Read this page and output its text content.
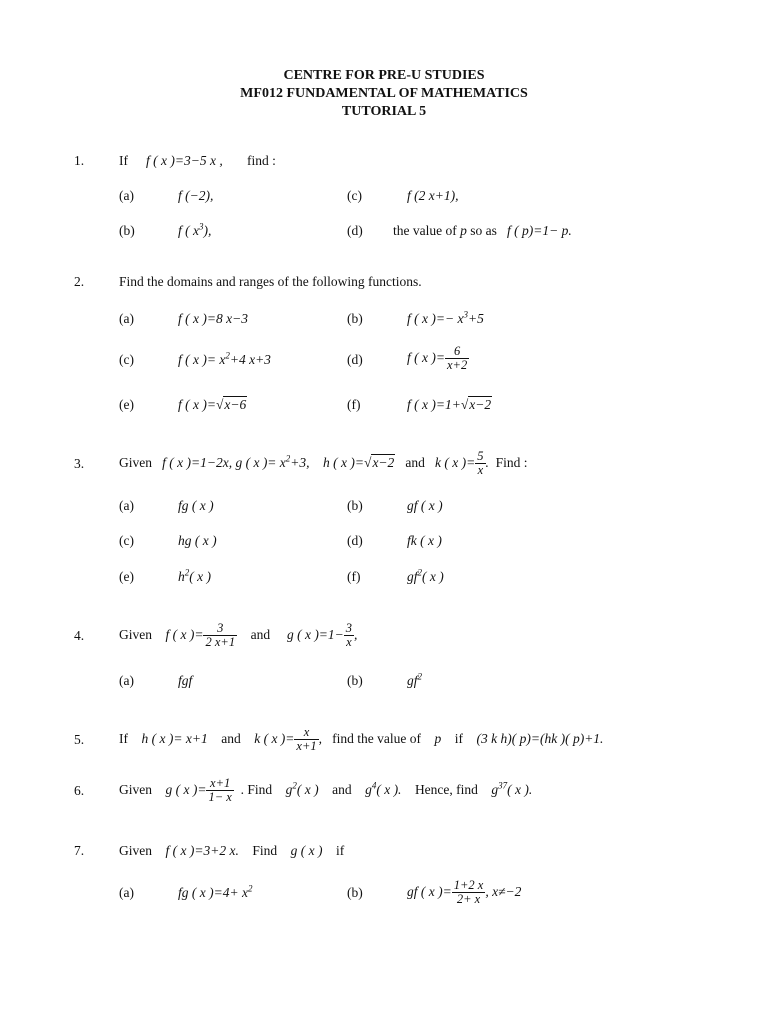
CENTRE FOR PRE-U STUDIES
MF012 FUNDAMENTAL OF MATHEMATICS
TUTORIAL 5
1.	If f ( x )=3−5 x , find :
(a)	f (−2),	(c)	f (2 x+1),
(b)	f ( $x^3$),	(d) the value of p so as f ( p)=1− p.
2.	Find the domains and ranges of the following functions.
(a)	f ( x )=8 x−3	(b)	f ( x )=− $x^3+5$
(c)	f ( x )= $x^2+4$ x+3	(d)	f ( x )= $\frac{6}{x+2}$
(e)	f ( x )=√x−6	(f)	f ( x )=1+√x−2
3.	Given f ( x )=1−2x, g ( x )= $x^2+3$, h ( x )=√x−2 and k ( x )= $\frac{5}{x}$ . Find :
(a)	fg ( x )	(b)	gf ( x )
(c)	hg ( x )	(d)	fk ( x )
(e)	$h^2$( x )	(f)	$gf^2$( x )
4.	Given f ( x )= $\frac{3}{2 x+1}$ and g ( x )$=1- \frac{3}{x}$ ,
(a)	fgf	(b)	$gf^2$
5.	If h ( x )= x+1 and k ( x )= $\frac{x}{x+1}$ , find the value of p if (3 k h)( p)=(hk )( p)+1.
6.	Given g ( x )= $\frac{x+1}{1- x}$ . Find $g^2$( x ) and $g^4$( x ). Hence, find $g^{37}$( x ).
7.	Given f ( x )=3+2 x. Find g ( x ) if
(a)	fg ( x )$=4+ x^2$	(b)	gf ( x )= $\frac{1+2 x}{2+ x}$ , x≠−2
